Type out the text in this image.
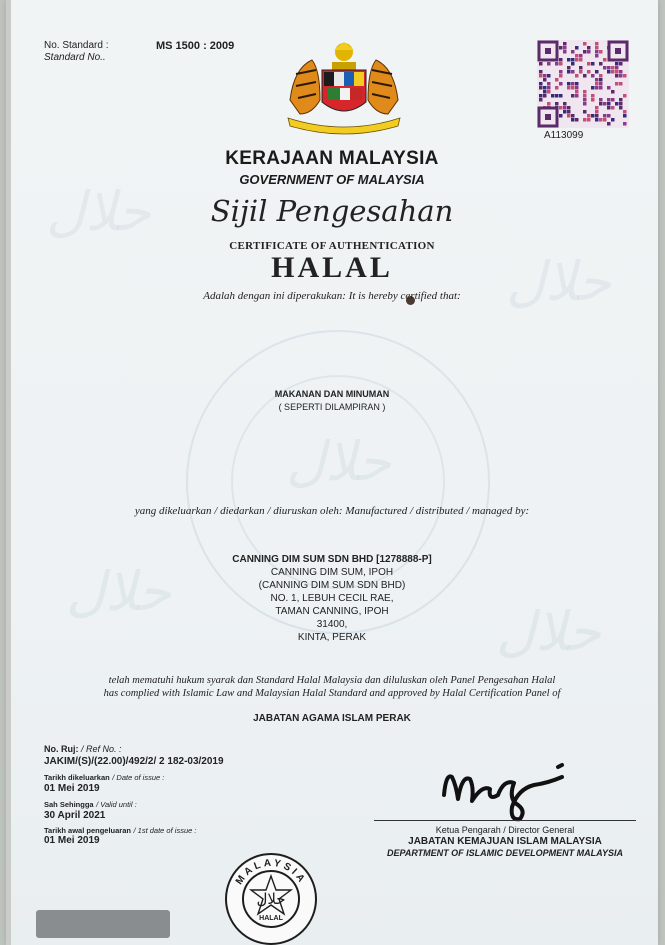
حلال
حلال
حلال
حلال
حلال
No. Standard :
Standard No..
MS 1500 : 2009
A113099
KERAJAAN MALAYSIA
GOVERNMENT OF MALAYSIA
Sijil Pengesahan
CERTIFICATE OF AUTHENTICATION
HALAL
Adalah dengan ini diperakukan: It is hereby certified that:
MAKANAN DAN MINUMAN
( SEPERTI DILAMPIRAN )
yang dikeluarkan / diedarkan / diuruskan oleh: Manufactured / distributed / managed by:
CANNING DIM SUM SDN BHD [1278888-P]
CANNING DIM SUM, IPOH
(CANNING DIM SUM SDN BHD)
NO. 1, LEBUH CECIL RAE,
TAMAN CANNING, IPOH
31400,
KINTA, PERAK
telah mematuhi hukum syarak dan Standard Halal Malaysia dan diluluskan oleh Panel Pengesahan Halal
has complied with Islamic Law and Malaysian Halal Standard and approved by Halal Certification Panel of
JABATAN AGAMA ISLAM PERAK
No. Ruj: / Ref No. :
JAKIM/(S)/(22.00)/492/2/ 2 182-03/2019
Tarikh dikeluarkan / Date of issue :
01 Mei 2019
Sah Sehingga / Valid until :
30 April 2021
Tarikh awal pengeluaran / 1st date of issue :
01 Mei 2019
Ketua Pengarah / Director General
JABATAN KEMAJUAN ISLAM MALAYSIA
DEPARTMENT OF ISLAMIC DEVELOPMENT MALAYSIA
MALAYSIA
حلال
HALAL
